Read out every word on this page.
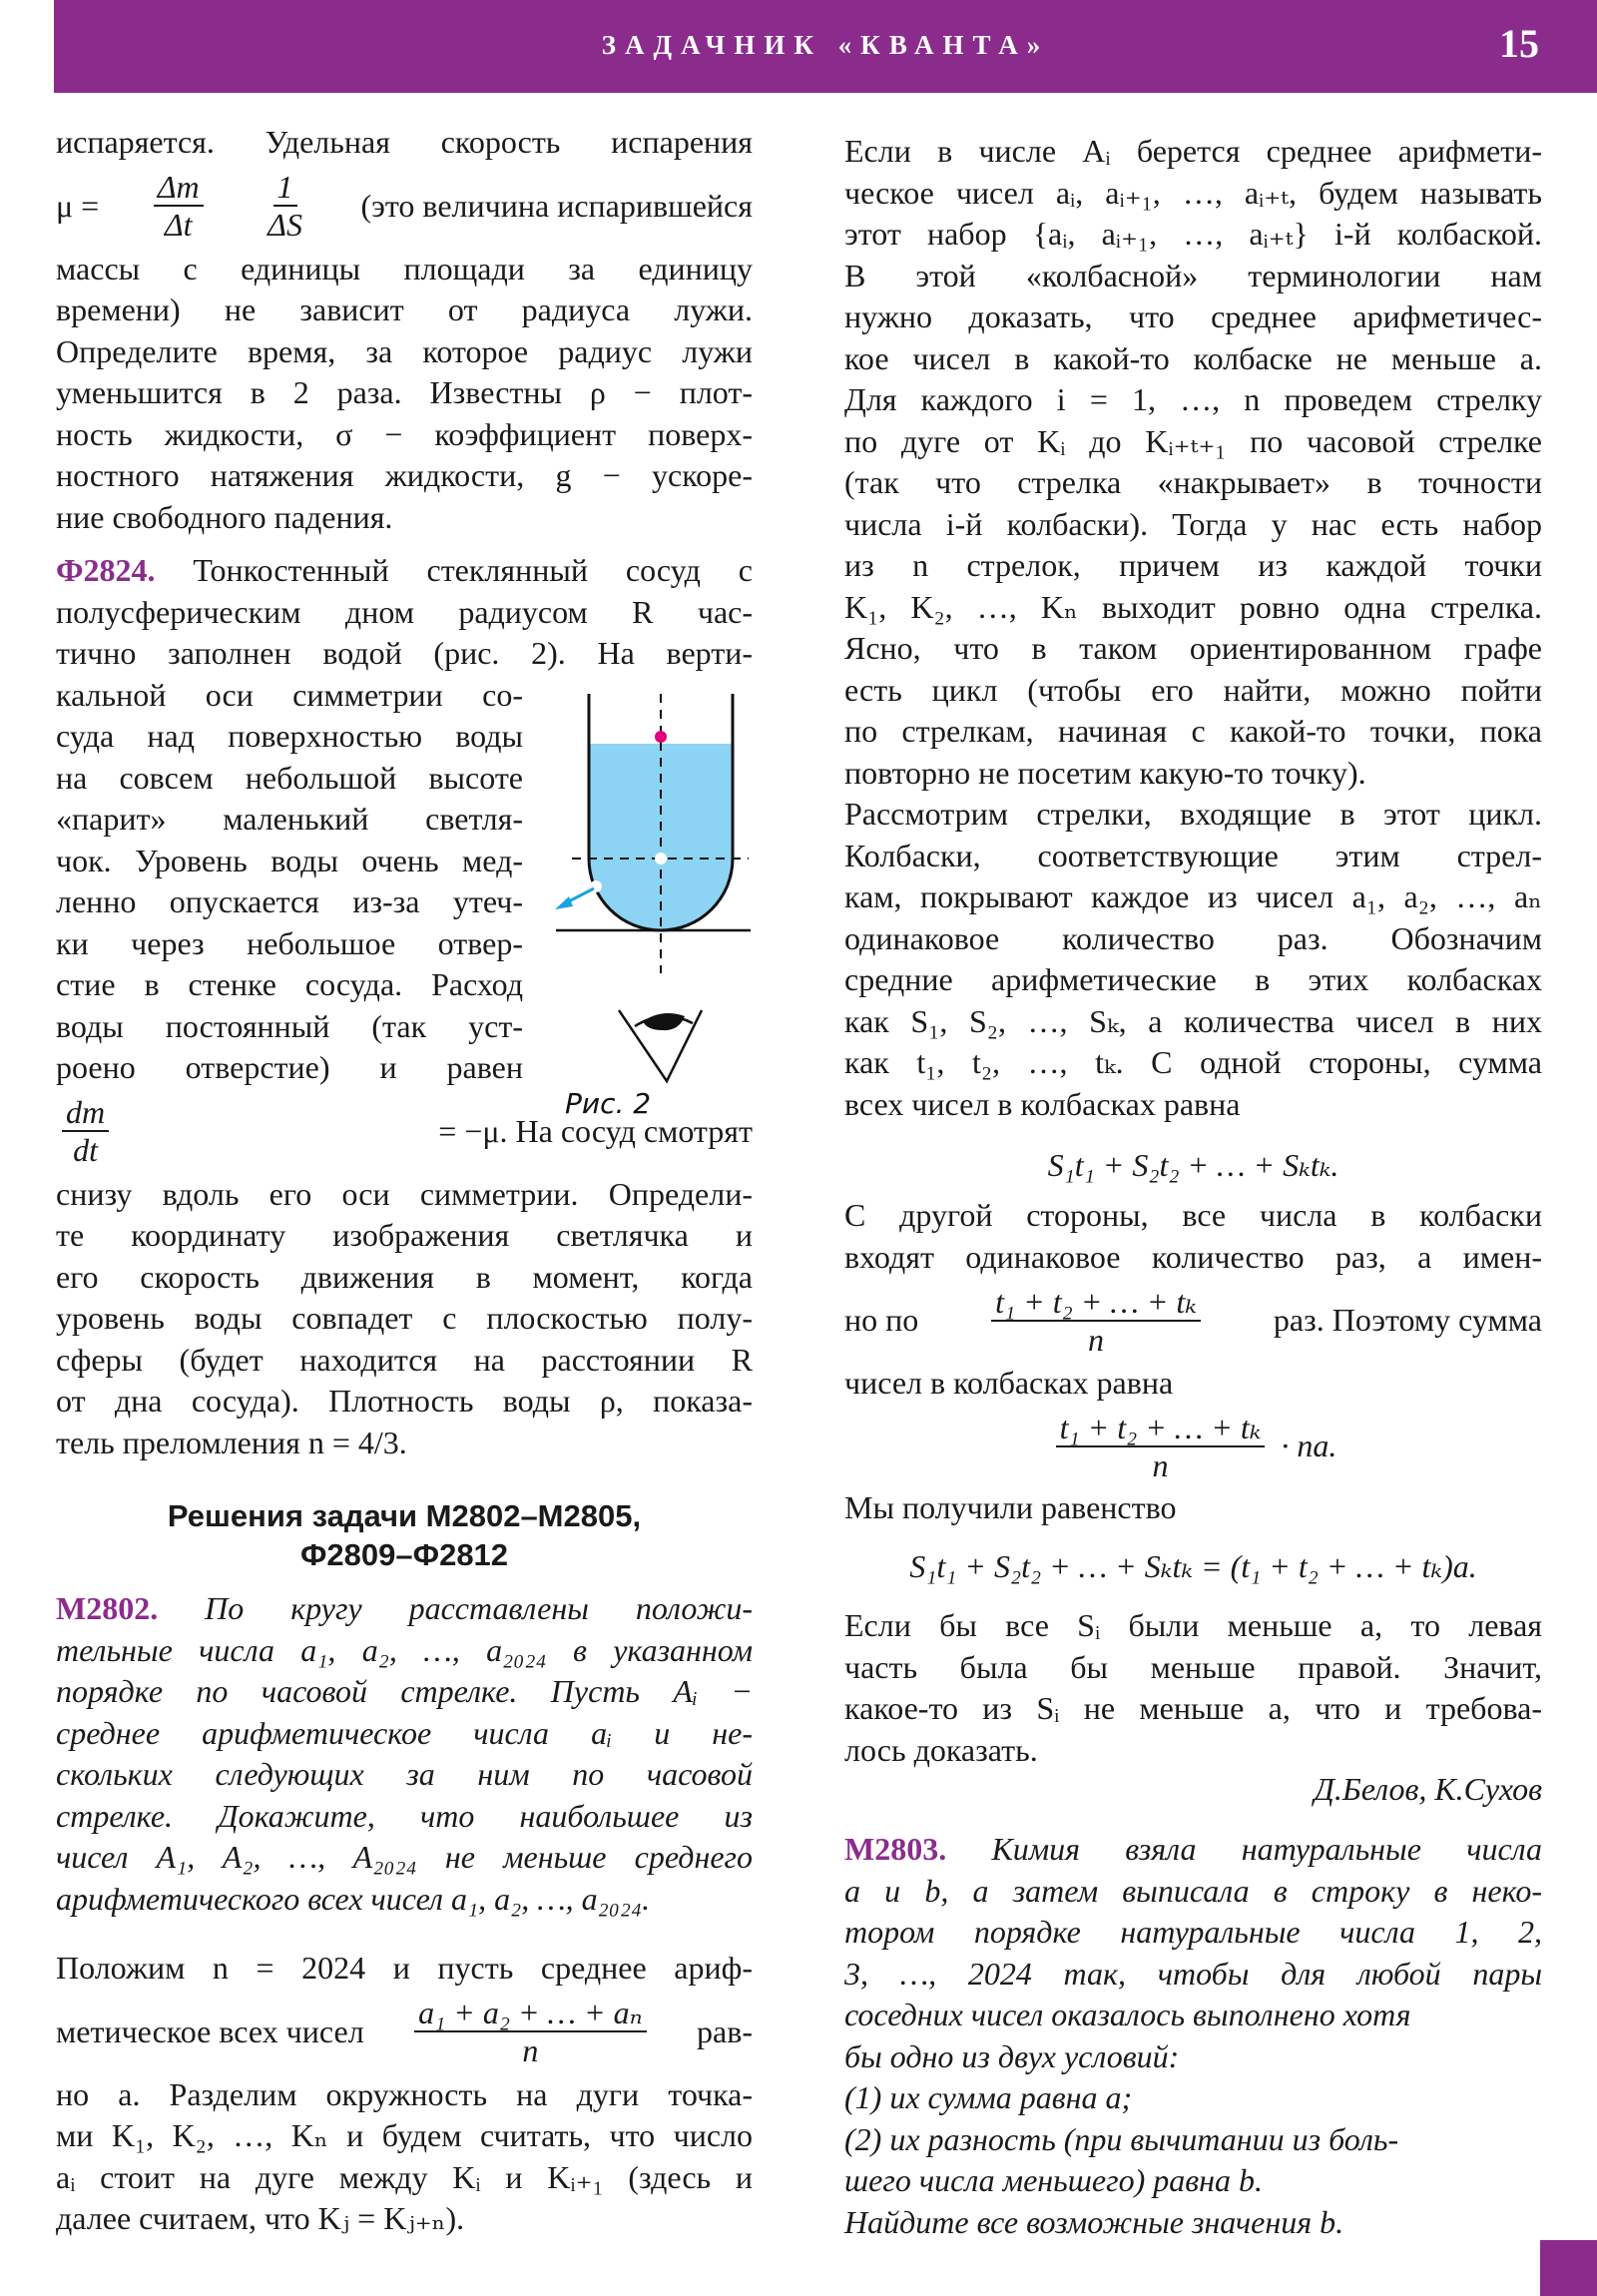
ЗАДАЧНИК «КВАНТА»	15
испаряется. Удельная скорость испарения
$\mu = \frac{\Delta m}{\Delta t} \frac{1}{\Delta S} (это$ величина испарившейся
массы с единицы площади за единицу
времени) не зависит от радиуса лужи.
Определите время, за которое радиус лужи
уменьшится в 2 раза. Известны ρ − плот-
ность жидкости, σ − коэффициент поверх-
ностного натяжения жидкости, g − ускоре-
ние свободного падения.
Ф2824. Тонкостенный стеклянный сосуд с
полусферическим дном радиусом R час-
тично заполнен водой (рис. 2). На верти-
кальной оси симметрии со-
суда над поверхностью воды
на совсем небольшой высоте
«парит» маленький светля-
чок. Уровень воды очень мед-
ленно опускается из-за утеч-
ки через небольшое отвер-
стие в стенке сосуда. Расход
воды постоянный (так уст-
роено отверстие) и равен
$\frac{dm}{dt}$	= −μ. На сосуд смотрят
снизу вдоль его оси симметрии. Определи-
те координату изображения светлячка и
его скорость движения в момент, когда
уровень воды совпадет с плоскостью полу-
сферы (будет находится на расстоянии R
от дна сосуда). Плотность воды ρ, показа-
тель преломления n = 4/3.
Рис. 2
Решения задачи М2802–М2805,
Ф2809–Ф2812
М2802. По кругу расставлены положи-
тельные числа a₁, a₂, …, a₂₀₂₄ в указанном
порядке по часовой стрелке. Пусть Aᵢ −
среднее арифметическое числа aᵢ и не-
скольких следующих за ним по часовой
стрелке. Докажите, что наибольшее из
чисел A₁, A₂, …, A₂₀₂₄ не меньше среднего
арифметического всех чисел a₁, a₂, …, a₂₀₂₄.
Положим n = 2024 и пусть среднее ариф-
метическое всех чисел $\frac{\text{a₁ + a₂ + … + aₙ}}{n} рав-$
но a. Разделим окружность на дуги точка-
ми K₁, K₂, …, Kₙ и будем считать, что число
aᵢ стоит на дуге между Kᵢ и Kᵢ₊₁ (здесь и
далее считаем, что Kⱼ = Kⱼ₊ₙ).
Если в числе Aᵢ берется среднее арифмети-
ческое чисел aᵢ, aᵢ₊₁, …, aᵢ₊ₜ, будем называть
этот набор {aᵢ, aᵢ₊₁, …, aᵢ₊ₜ} i-й колбаской.
В этой «колбасной» терминологии нам
нужно доказать, что среднее арифметичес-
кое чисел в какой-то колбаске не меньше a.
Для каждого i = 1, …, n проведем стрелку
по дуге от Kᵢ до Kᵢ₊ₜ₊₁ по часовой стрелке
(так что стрелка «накрывает» в точности
числа i-й колбаски). Тогда у нас есть набор
из n стрелок, причем из каждой точки
K₁, K₂, …, Kₙ выходит ровно одна стрелка.
Ясно, что в таком ориентированном графе
есть цикл (чтобы его найти, можно пойти
по стрелкам, начиная с какой-то точки, пока
повторно не посетим какую-то точку).
Рассмотрим стрелки, входящие в этот цикл.
Колбаски, соответствующие этим стрел-
кам, покрывают каждое из чисел a₁, a₂, …, aₙ
одинаковое количество раз. Обозначим
средние арифметические в этих колбасках
как S₁, S₂, …, Sₖ, а количества чисел в них
как t₁, t₂, …, tₖ. С одной стороны, сумма
всех чисел в колбасках равна
S₁t₁ + S₂t₂ + … + Sₖtₖ.
С другой стороны, все числа в колбаски
входят одинаковое количество раз, а имен-
но по $\frac{\text{t₁ + t₂ + … + tₖ}}{n}$ раз. Поэтому сумма
чисел в колбасках равна
$\frac{\text{t₁ + t₂ + … + tₖ}}{n}$ · na.
Мы получили равенство
S₁t₁ + S₂t₂ + … + Sₖtₖ = (t₁ + t₂ + … + tₖ)a.
Если бы все Sᵢ были меньше a, то левая
часть была бы меньше правой. Значит,
какое-то из Sᵢ не меньше a, что и требова-
лось доказать.
Д.Белов, К.Сухов
М2803. Кимия взяла натуральные числа
a и b, а затем выписала в строку в неко-
тором порядке натуральные числа 1, 2,
3, …, 2024 так, чтобы для любой пары
соседних чисел оказалось выполнено хотя
бы одно из двух условий:
(1) их сумма равна a;
(2) их разность (при вычитании из боль-
шего числа меньшего) равна b.
Найдите все возможные значения b.
